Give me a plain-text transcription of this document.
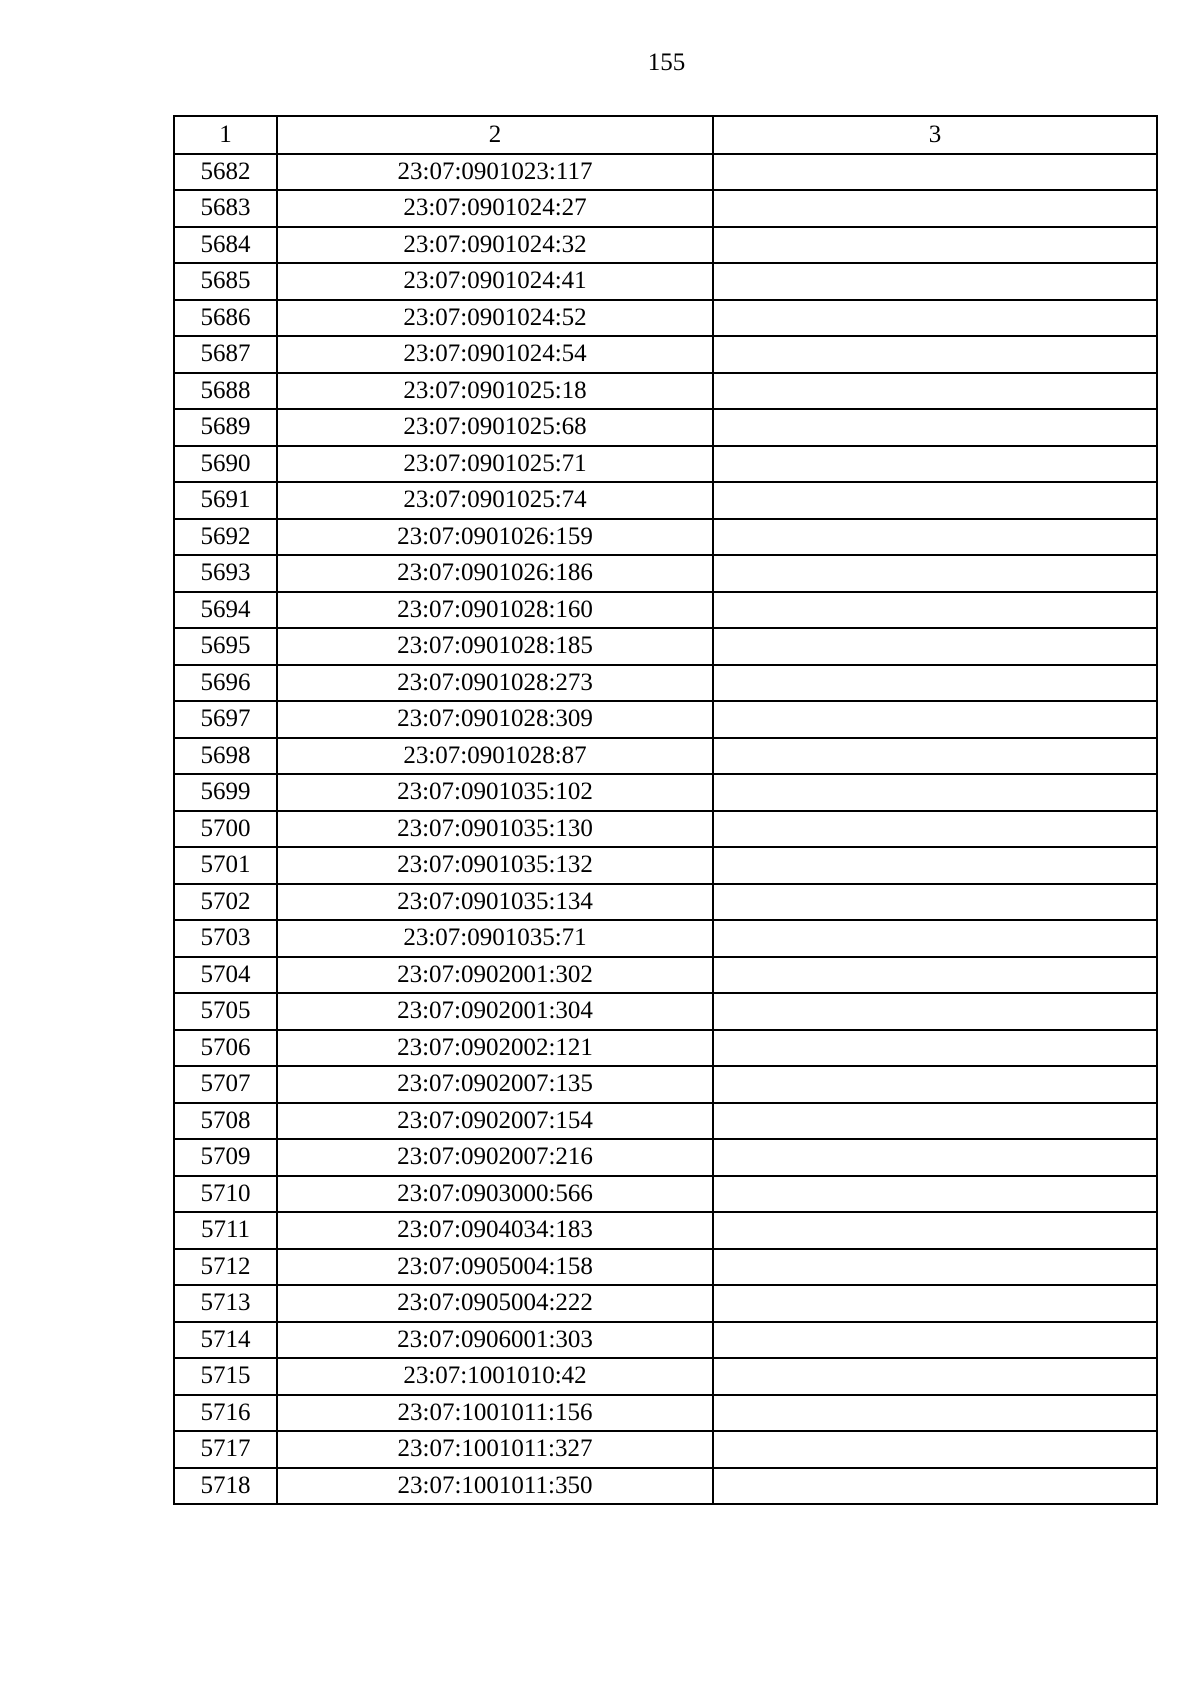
155
1	2	3
5682	23:07:0901023:117	
5683	23:07:0901024:27	
5684	23:07:0901024:32	
5685	23:07:0901024:41	
5686	23:07:0901024:52	
5687	23:07:0901024:54	
5688	23:07:0901025:18	
5689	23:07:0901025:68	
5690	23:07:0901025:71	
5691	23:07:0901025:74	
5692	23:07:0901026:159	
5693	23:07:0901026:186	
5694	23:07:0901028:160	
5695	23:07:0901028:185	
5696	23:07:0901028:273	
5697	23:07:0901028:309	
5698	23:07:0901028:87	
5699	23:07:0901035:102	
5700	23:07:0901035:130	
5701	23:07:0901035:132	
5702	23:07:0901035:134	
5703	23:07:0901035:71	
5704	23:07:0902001:302	
5705	23:07:0902001:304	
5706	23:07:0902002:121	
5707	23:07:0902007:135	
5708	23:07:0902007:154	
5709	23:07:0902007:216	
5710	23:07:0903000:566	
5711	23:07:0904034:183	
5712	23:07:0905004:158	
5713	23:07:0905004:222	
5714	23:07:0906001:303	
5715	23:07:1001010:42	
5716	23:07:1001011:156	
5717	23:07:1001011:327	
5718	23:07:1001011:350	
